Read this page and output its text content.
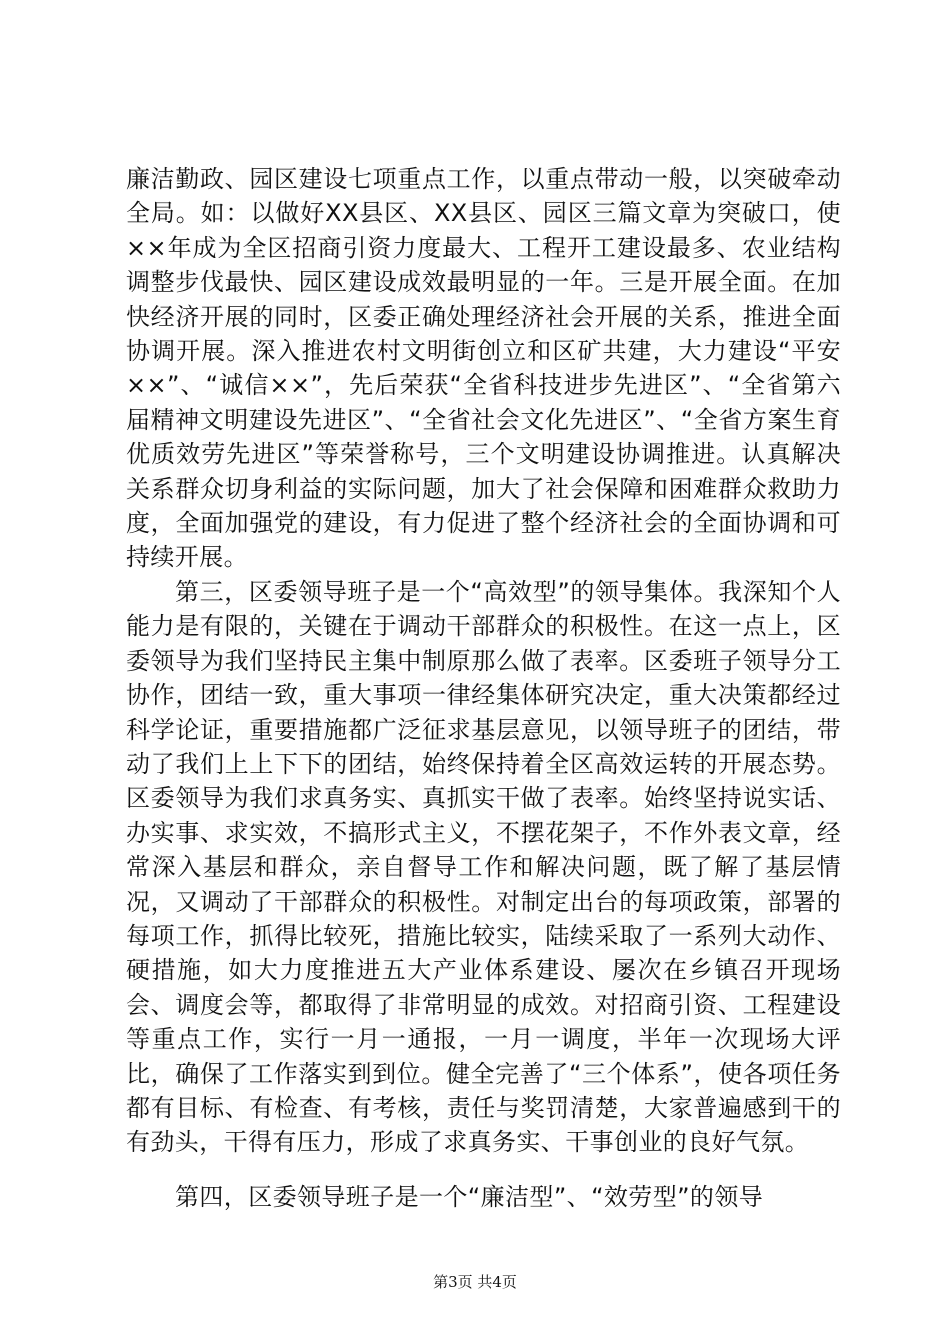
廉洁勤政、园区建设七项重点工作，以重点带动一般，以突破牵动全局。如：以做好XX县区、XX县区、园区三篇文章为突破口，使××年成为全区招商引资力度最大、工程开工建设最多、农业结构调整步伐最快、园区建设成效最明显的一年。三是开展全面。在加快经济开展的同时，区委正确处理经济社会开展的关系，推进全面协调开展。深入推进农村文明街创立和区矿共建，大力建设“平安××”、“诚信××”，先后荣获“全省科技进步先进区”、“全省第六届精神文明建设先进区”、“全省社会文化先进区”、“全省方案生育优质效劳先进区”等荣誉称号，三个文明建设协调推进。认真解决关系群众切身利益的实际问题，加大了社会保障和困难群众救助力度，全面加强党的建设，有力促进了整个经济社会的全面协调和可持续开展。

第三，区委领导班子是一个“高效型”的领导集体。我深知个人能力是有限的，关键在于调动干部群众的积极性。在这一点上，区委领导为我们坚持民主集中制原那么做了表率。区委班子领导分工协作，团结一致，重大事项一律经集体研究决定，重大决策都经过科学论证，重要措施都广泛征求基层意见，以领导班子的团结，带动了我们上上下下的团结，始终保持着全区高效运转的开展态势。区委领导为我们求真务实、真抓实干做了表率。始终坚持说实话、办实事、求实效，不搞形式主义，不摆花架子，不作外表文章，经常深入基层和群众，亲自督导工作和解决问题，既了解了基层情况，又调动了干部群众的积极性。对制定出台的每项政策，部署的每项工作，抓得比较死，措施比较实，陆续采取了一系列大动作、硬措施，如大力度推进五大产业体系建设、屡次在乡镇召开现场会、调度会等，都取得了非常明显的成效。对招商引资、工程建设等重点工作，实行一月一通报，一月一调度，半年一次现场大评比，确保了工作落实到到位。健全完善了“三个体系”，使各项任务都有目标、有检查、有考核，责任与奖罚清楚，大家普遍感到干的有劲头，干得有压力，形成了求真务实、干事创业的良好气氛。

第四，区委领导班子是一个“廉洁型”、“效劳型”的领导

第3页 共4页
